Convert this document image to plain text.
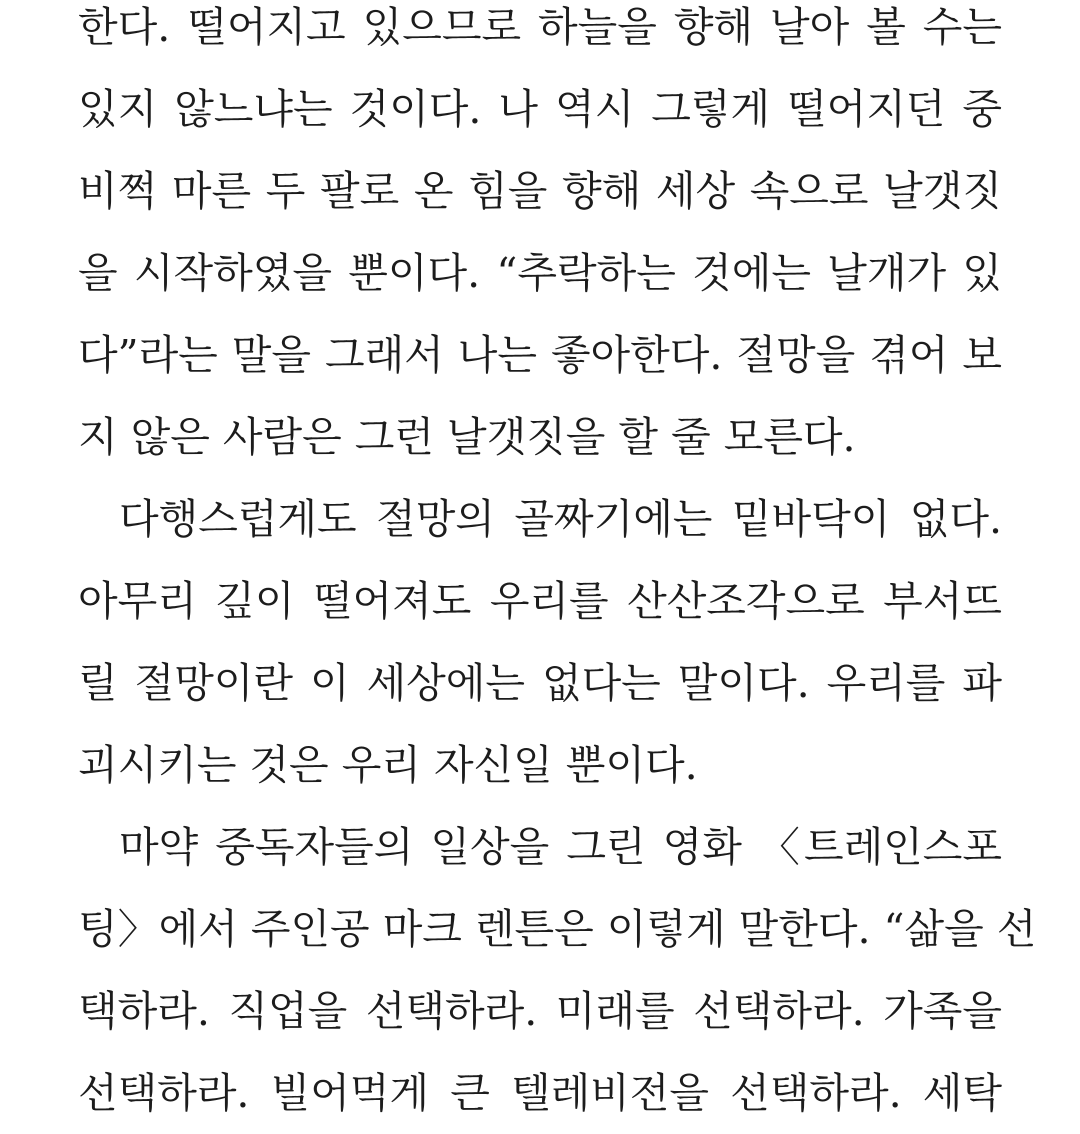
한다. 떨어지고 있으므로 하늘을 향해 날아 볼 수는
있지 않느냐는 것이다. 나 역시 그렇게 떨어지던 중
비쩍 마른 두 팔로 온 힘을 향해 세상 속으로 날갯짓
을 시작하였을 뿐이다. “추락하는 것에는 날개가 있
다”라는 말을 그래서 나는 좋아한다. 절망을 겪어 보
지 않은 사람은 그런 날갯짓을 할 줄 모른다.
다행스럽게도 절망의 골짜기에는 밑바닥이 없다.
아무리 깊이 떨어져도 우리를 산산조각으로 부서뜨
릴 절망이란 이 세상에는 없다는 말이다. 우리를 파
괴시키는 것은 우리 자신일 뿐이다.
마약 중독자들의 일상을 그린 영화 〈트레인스포
팅〉에서 주인공 마크 렌튼은 이렇게 말한다. “삶을 선
택하라. 직업을 선택하라. 미래를 선택하라. 가족을
선택하라. 빌어먹게 큰 텔레비전을 선택하라. 세탁
